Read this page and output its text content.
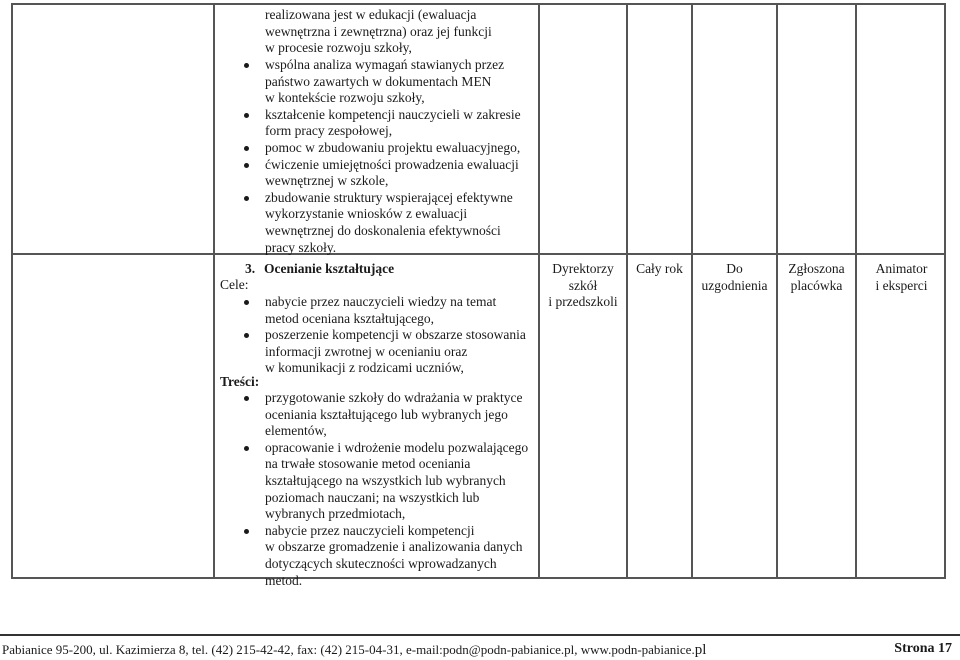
realizowana jest w edukacji (ewaluacja
wewnętrzna i zewnętrzna) oraz jej funkcji
w procesie rozwoju szkoły,
wspólna analiza wymagań stawianych przez
państwo zawartych w dokumentach MEN
w kontekście rozwoju szkoły,
kształcenie kompetencji nauczycieli w zakresie
form pracy zespołowej,
pomoc w zbudowaniu projektu ewaluacyjnego,
ćwiczenie umiejętności prowadzenia ewaluacji
wewnętrznej w szkole,
zbudowanie struktury wspierającej efektywne
wykorzystanie wniosków z ewaluacji
wewnętrznej do doskonalenia efektywności
pracy szkoły.
3. Ocenianie kształtujące
Cele:
nabycie przez nauczycieli wiedzy na temat
metod oceniana kształtującego,
poszerzenie kompetencji w obszarze stosowania
informacji zwrotnej w ocenianiu oraz
w komunikacji z rodzicami uczniów,
Treści:
przygotowanie szkoły do wdrażania w praktyce
oceniania kształtującego lub wybranych jego
elementów,
opracowanie i wdrożenie modelu pozwalającego
na trwałe stosowanie metod oceniania
kształtującego na wszystkich lub wybranych
poziomach nauczani; na wszystkich lub
wybranych przedmiotach,
nabycie przez nauczycieli kompetencji
w obszarze gromadzenie i analizowania danych
dotyczących skuteczności wprowadzanych
metod.
Dyrektorzy
szkół
i przedszkoli
Cały rok	Do
uzgodnienia
Zgłoszona
placówka
Animator
i eksperci
Pabianice 95-200, ul. Kazimierza 8, tel. (42) 215-42-42, fax: (42) 215-04-31, e-mail:podn@podn-pabianice.pl, www.podn-pabianice.pl	Strona 17
